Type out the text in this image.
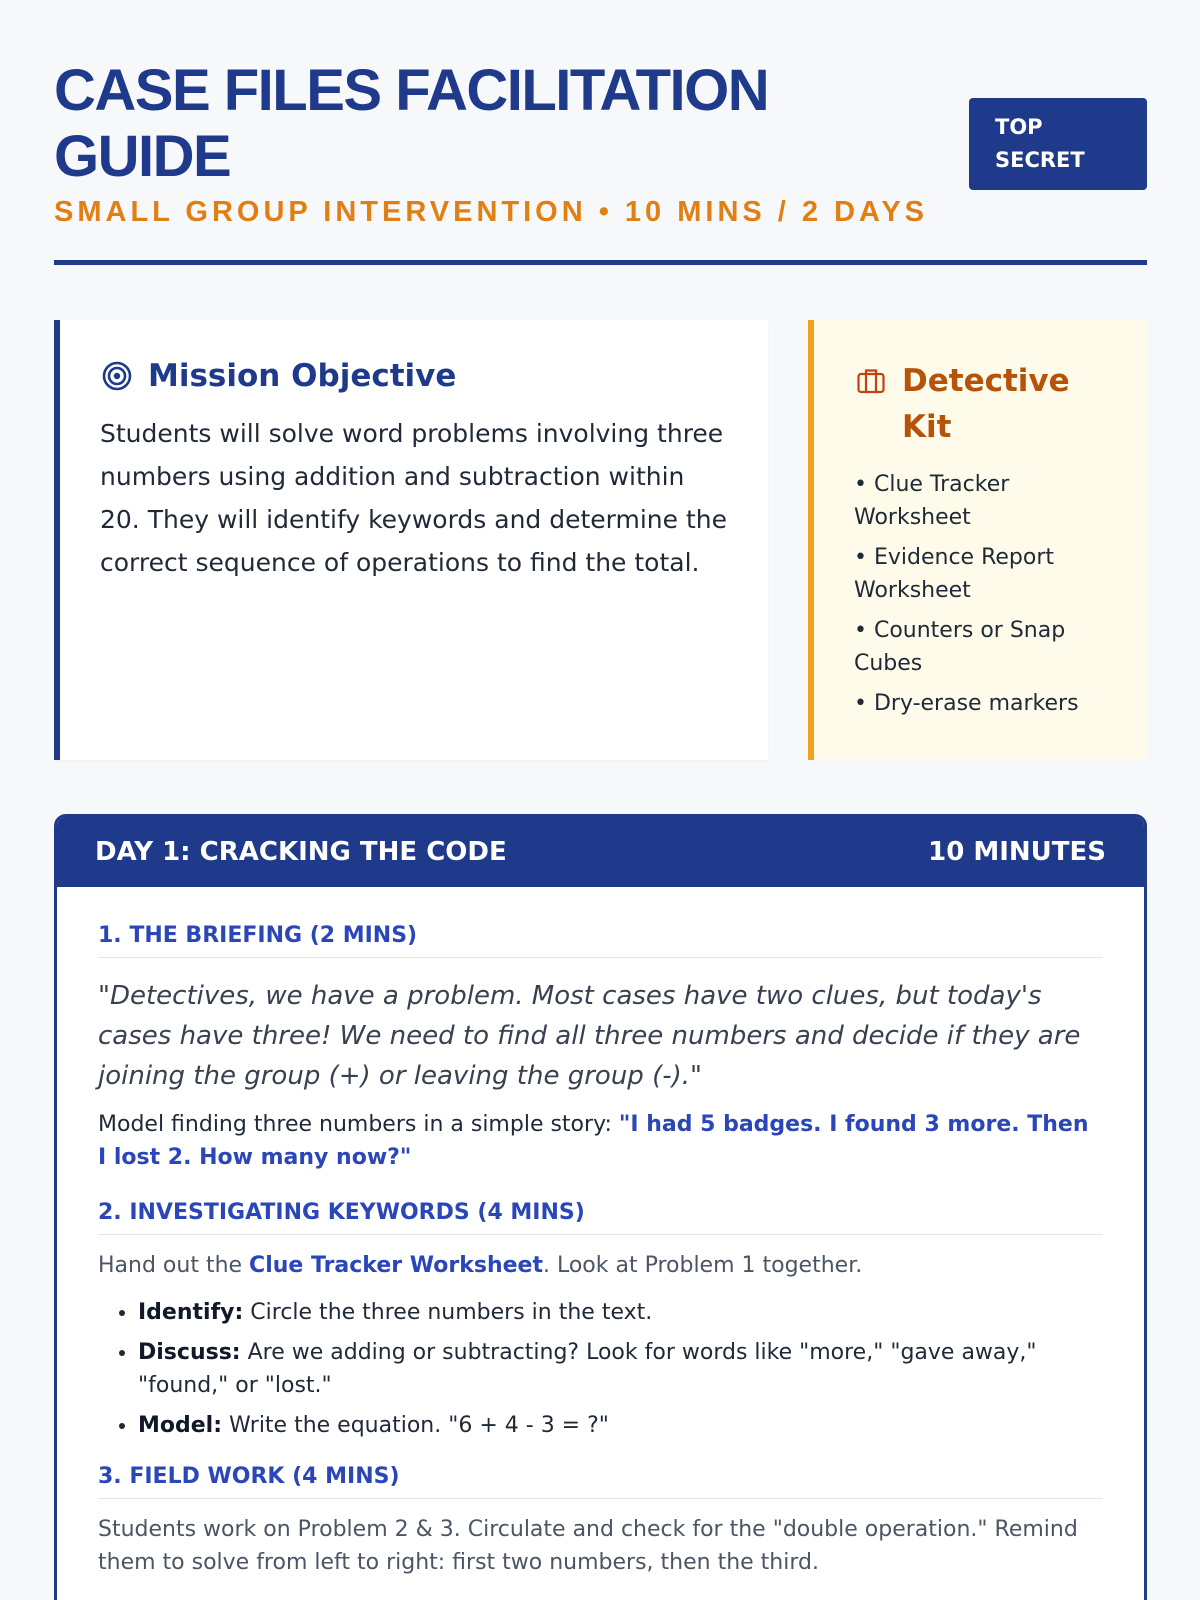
CASE FILES FACILITATION GUIDE
SMALL GROUP INTERVENTION • 10 MINS / 2 DAYS
TOP
SECRET
Mission Objective

Students will solve word problems involving three numbers using addition and subtraction within 20. They will identify keywords and determine the correct sequence of operations to find the total.

Detective Kit
• Clue Tracker Worksheet
• Evidence Report Worksheet
• Counters or Snap Cubes
• Dry-erase markers
DAY 1: CRACKING THE CODE	10 MINUTES
1. THE BRIEFING (2 MINS)

"Detectives, we have a problem. Most cases have two clues, but today's cases have three! We need to find all three numbers and decide if they are joining the group (+) or leaving the group (-)."

Model finding three numbers in a simple story: "I had 5 badges. I found 3 more. Then I lost 2. How many now?"

2. INVESTIGATING KEYWORDS (4 MINS)

Hand out the Clue Tracker Worksheet. Look at Problem 1 together.

• Identify: Circle the three numbers in the text.
• Discuss: Are we adding or subtracting? Look for words like "more," "gave away," "found," or "lost."
• Model: Write the equation. "6 + 4 - 3 = ?"
3. FIELD WORK (4 MINS)

Students work on Problem 2 & 3. Circulate and check for the "double operation." Remind them to solve from left to right: first two numbers, then the third.
